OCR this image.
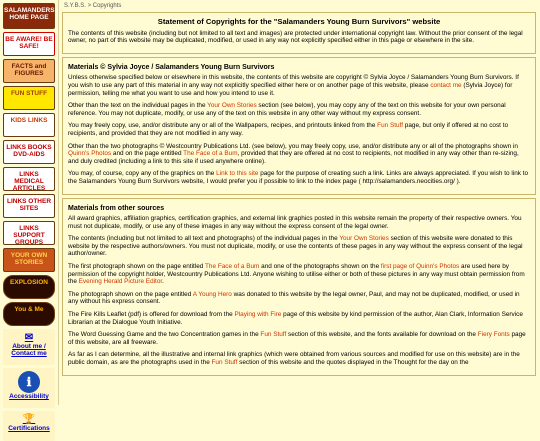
SALAMANDERS HOME PAGE
BE AWARE! BE SAFE!
FACTS and FIGURES
FUN STUFF
KIDS LINKS
LINKS BOOKS DVD-AIDS
LINKS MEDICAL ARTICLES
LINKS OTHER SITES
LINKS SUPPORT GROUPS
YOUR OWN STORIES
EXPLOSION
You & Me
✉
About me / Contact me
ℹ
Accessibility
🏆
Certifications
S.Y.B.S. > Copyrights
Statement of Copyrights for the "Salamanders Young Burn Survivors" website

The contents of this website (including but not limited to all text and images) are protected under international copyright law. Without the prior consent of the legal owner, no part of this website may be duplicated, modified, or used in any way not explicitly specified either in this page or elsewhere in the site.

Materials © Sylvia Joyce / Salamanders Young Burn Survivors

Unless otherwise specified below or elsewhere in this website, the contents of this website are copyright © Sylvia Joyce / Salamanders Young Burn Survivors. If you wish to use any part of this material in any way not explicitly specified either here or on another page of this website, please contact me (Sylvia Joyce) for permission, telling me what you want to use and how you intend to use it.

Other than the text on the individual pages in the Your Own Stories section (see below), you may copy any of the text on this website for your own personal reference. You may not duplicate, modify, or use any of the text on this website in any other way without my express consent.

You may freely copy, use, and/or distribute any or all of the Wallpapers, recipes, and printouts linked from the Fun Stuff page, but only if offered at no cost to recipients, and provided that they are not modified in any way.

Other than the two photographs © Westcountry Publications Ltd. (see below), you may freely copy, use, and/or distribute any or all of the photographs shown in Quinn's Photos and on the page entitled The Face of a Bum, provided that they are offered at no cost to recipients, not modified in any way other than re-sizing, and duly credited (including a link to this site if used anywhere online).

You may, of course, copy any of the graphics on the Link to this site page for the purpose of creating such a link. Links are always appreciated. If you wish to link to the Salamanders Young Burn Survivors website, I would prefer you if possible to link to the index page ( http://salamanders.neocities.org/ ).

Materials from other sources

All award graphics, affiliation graphics, certification graphics, and external link graphics posted in this website remain the property of their respective owners. You must not duplicate, modify, or use any of these images in any way without the express consent of the legal owner.

The contents (including but not limited to all text and photographs) of the individual pages in the Your Own Stories section of this website were donated to this website by the respective authors/owners. You must not duplicate, modify, or use the contents of these pages in any way without the express consent of the legal author/owner.

The first photograph shown on the page entitled The Face of a Bum and one of the photographs shown on the first page of Quinn's Photos are used here by permission of the copyright holder, Westcountry Publications Ltd. Anyone wishing to utilise either or both of these pictures in any way must obtain permission from the Evening Herald Picture Editor.

The photograph shown on the page entitled A Young Hero was donated to this website by the legal owner, Paul, and may not be duplicated, modified, or used in any without his express consent.

The Fire Kills Leaflet (pdf) is offered for download from the Playing with Fire page of this website by kind permission of the author, Alan Clark, Information Service Librarian at the Dialogue Youth Initiative.

The Word Guessing Game and the two Concentration games in the Fun Stuff section of this website, and the fonts available for download on the Fiery Fonts page of this website, are all freeware.

As far as I can determine, all the illustrative and internal link graphics (which were obtained from various sources and modified for use on this website) are in the public domain, as are the photographs used in the Fun Stuff section of this website and the quotes displayed in the Thought for the day on the
